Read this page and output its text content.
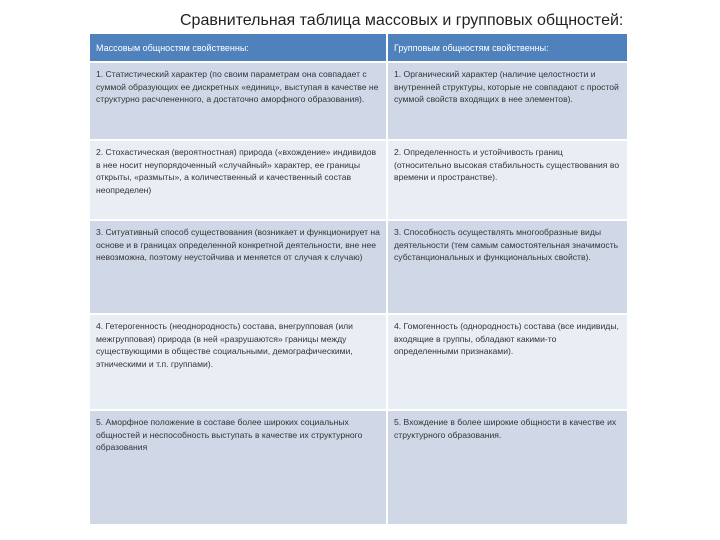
Сравнительная таблица массовых и групповых общностей:
Массовым общностям свойственны:	Групповым общностям свойственны:
1. Статистический характер (по своим параметрам она совпадает с суммой образующих ее дискретных «единиц», выступая в качестве не структурно расчлененного, а достаточно аморфного образования).	1. Органический характер (наличие целостности и внутренней структуры, которые не совпадают с простой суммой свойств входящих в нее элементов).
2. Стохастическая (вероятностная) природа («вхождение» индивидов в нее носит неупорядоченный «случайный» характер, ее границы открыты, «размыты», а количественный и качественный состав неопределен)	2. Определенность и устойчивость границ (относительно высокая стабильность существования во времени и пространстве).
3. Ситуативный способ существования (возникает и функционирует на основе и в границах определенной конкретной деятельности, вне нее невозможна, поэтому неустойчива и меняется от случая к случаю)	3. Способность осуществлять многообразные виды деятельности (тем самым самостоятельная значимость субстанциональных и функциональных свойств).
4. Гетерогенность (неоднородность) состава, внегрупповая (или межгрупповая) природа (в ней «разрушаются» границы между существующими в обществе социальными, демографическими, этническими и т.п. группами).	4. Гомогенность (однородность) состава (все индивиды, входящие в группы, обладают какими-то определенными признаками).
5. Аморфное положение в составе более широких социальных общностей и неспособность выступать в качестве их структурного образования	5. Вхождение в более широкие общности в качестве их структурного образования.
